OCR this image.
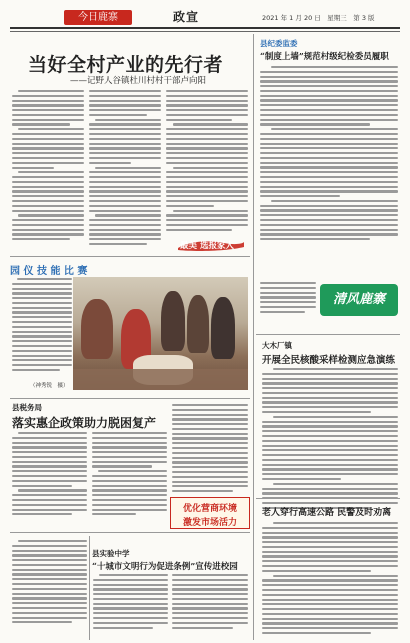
今日鹿寨	政宣	2021 年 1 月 20 日　星期三　第 3 版
当好全村产业的先行者
——记野人谷镇杜川村村干部卢向阳
最美 选报家人
园 仪 技 能 比 赛
（神秀锐　摄）
县税务局
落实惠企政策助力脱困复产
优化营商环境
激发市场活力
县实验中学
“十城市文明行为促进条例”宣传进校园
县纪委监委
“制度上墙”规范村级纪检委员履职
清风鹿寨
大木厂镇
开展全民核酸采样检测应急演练
老人穿行高速公路 民警及时劝离
